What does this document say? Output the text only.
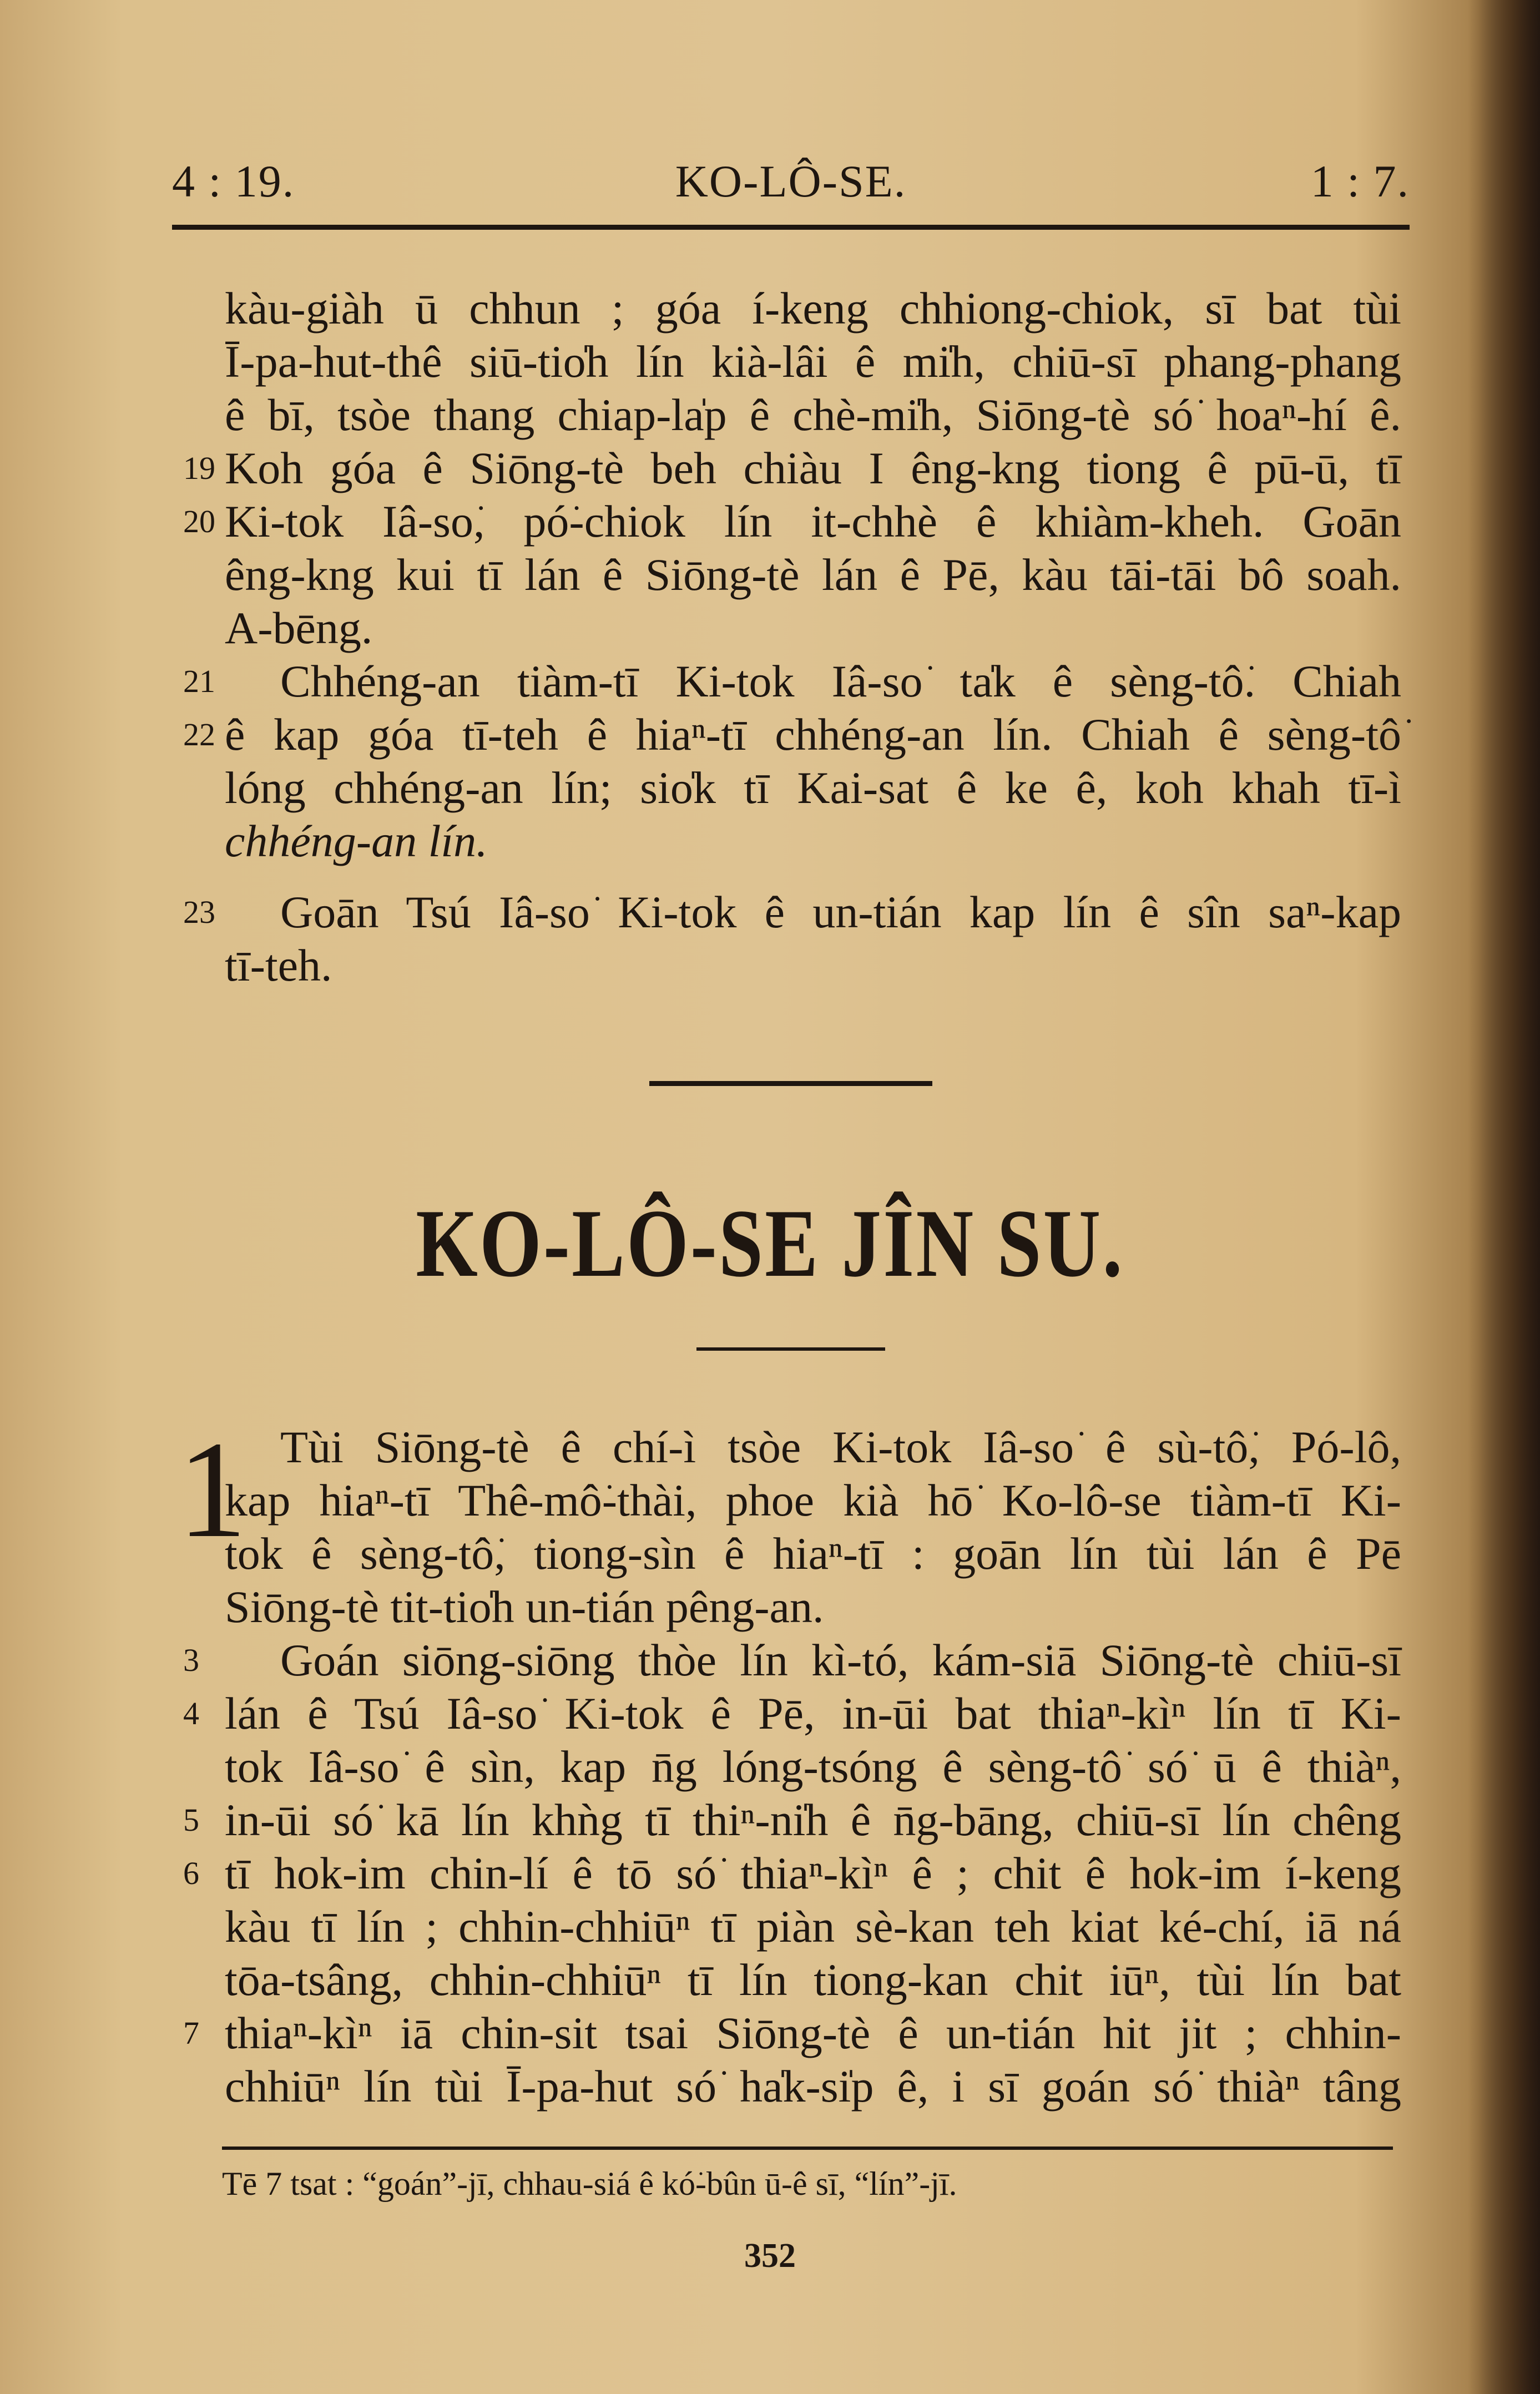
4 : 19.	KO-LÔ-SE.	1 : 7.
kàu-giàh ū chhun ; góa í-keng chhiong-chiok, sī bat tùi
Ī-pa-hut-thê siū-tio̍h lín kià-lâi ê mi̍h, chiū-sī phang-phang
ê bī, tsòe thang chiap-la̍p ê chè-mi̍h, Siōng-tè só͘ hoaⁿ-hí ê.
19 Koh góa ê Siōng-tè beh chiàu I êng-kng tiong ê pū-ū, tī
20 Ki-tok Iâ-so͘, pó͘-chiok lín it-chhè ê khiàm-kheh. Goān
êng-kng kui tī lán ê Siōng-tè lán ê Pē, kàu tāi-tāi bô soah.
A-bēng.
21	Chhéng-an tiàm-tī Ki-tok Iâ-so͘ ta̍k ê sèng-tô͘. Chiah
22 ê kap góa tī-teh ê hiaⁿ-tī chhéng-an lín. Chiah ê sèng-tô͘
lóng chhéng-an lín; sio̍k tī Kai-sat ê ke ê, koh khah tī-ì
chhéng-an lín.
23	Goān Tsú Iâ-so͘ Ki-tok ê un-tián kap lín ê sîn saⁿ-kap
tī-teh.
KO-LÔ-SE JÎN SU.
1 Tùi Siōng-tè ê chí-ì tsòe Ki-tok Iâ-so͘ ê sù-tô͘, Pó-lô,
kap hiaⁿ-tī Thê-mô͘-thài, phoe kià hō͘ Ko-lô-se tiàm-tī Ki-
tok ê sèng-tô͘, tiong-sìn ê hiaⁿ-tī : goān lín tùi lán ê Pē
Siōng-tè tit-tio̍h un-tián pêng-an.
3	Goán siōng-siōng thòe lín kì-tó, kám-siā Siōng-tè chiū-sī
4 lán ê Tsú Iâ-so͘ Ki-tok ê Pē, in-ūi bat thiaⁿ-kìⁿ lín tī Ki-
tok Iâ-so͘ ê sìn, kap n̄g lóng-tsóng ê sèng-tô͘ só͘ ū ê thiàⁿ,
5 in-ūi só͘ kā lín khǹg tī thiⁿ-ni̍h ê n̄g-bāng, chiū-sī lín chêng
6 tī hok-im chin-lí ê tō só͘ thiaⁿ-kìⁿ ê ; chit ê hok-im í-keng
kàu tī lín ; chhin-chhiūⁿ tī piàn sè-kan teh kiat ké-chí, iā ná
tōa-tsâng, chhin-chhiūⁿ tī lín tiong-kan chit iūⁿ, tùi lín bat
7 thiaⁿ-kìⁿ iā chin-sit tsai Siōng-tè ê un-tián hit jit ; chhin-
chhiūⁿ lín tùi Ī-pa-hut só͘ ha̍k-si̍p ê, i sī goán só͘ thiàⁿ tâng
Tē 7 tsat : “goán”-jī, chhau-siá ê kó͘-bûn ū-ê sī, “lín”-jī.
352
